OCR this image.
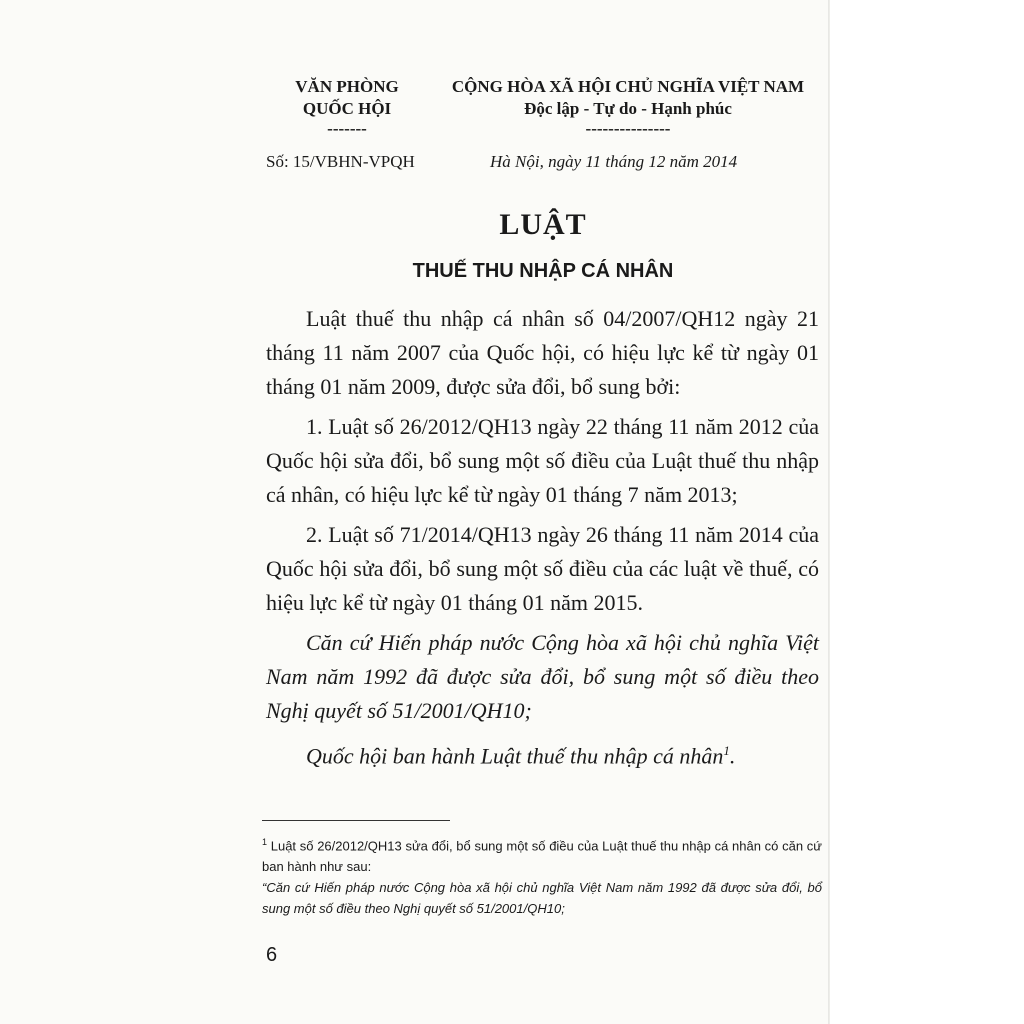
VĂN PHÒNG
QUỐC HỘI
-------
CỘNG HÒA XÃ HỘI CHỦ NGHĨA VIỆT NAM
Độc lập - Tự do - Hạnh phúc
---------------
Số: 15/VBHN-VPQH	Hà Nội, ngày 11 tháng 12 năm 2014
LUẬT
THUẾ THU NHẬP CÁ NHÂN

Luật thuế thu nhập cá nhân số 04/2007/QH12 ngày 21 tháng 11 năm 2007 của Quốc hội, có hiệu lực kể từ ngày 01 tháng 01 năm 2009, được sửa đổi, bổ sung bởi:

1. Luật số 26/2012/QH13 ngày 22 tháng 11 năm 2012 của Quốc hội sửa đổi, bổ sung một số điều của Luật thuế thu nhập cá nhân, có hiệu lực kể từ ngày 01 tháng 7 năm 2013;

2. Luật số 71/2014/QH13 ngày 26 tháng 11 năm 2014 của Quốc hội sửa đổi, bổ sung một số điều của các luật về thuế, có hiệu lực kể từ ngày 01 tháng 01 năm 2015.

Căn cứ Hiến pháp nước Cộng hòa xã hội chủ nghĩa Việt Nam năm 1992 đã được sửa đổi, bổ sung một số điều theo Nghị quyết số 51/2001/QH10;

Quốc hội ban hành Luật thuế thu nhập cá nhân$^1$.

$^1$ Luật số 26/2012/QH13 sửa đổi, bổ sung một số điều của Luật thuế thu nhập cá nhân có căn cứ ban hành như sau:

“Căn cứ Hiến pháp nước Cộng hòa xã hội chủ nghĩa Việt Nam năm 1992 đã được sửa đổi, bổ sung một số điều theo Nghị quyết số 51/2001/QH10;

6
